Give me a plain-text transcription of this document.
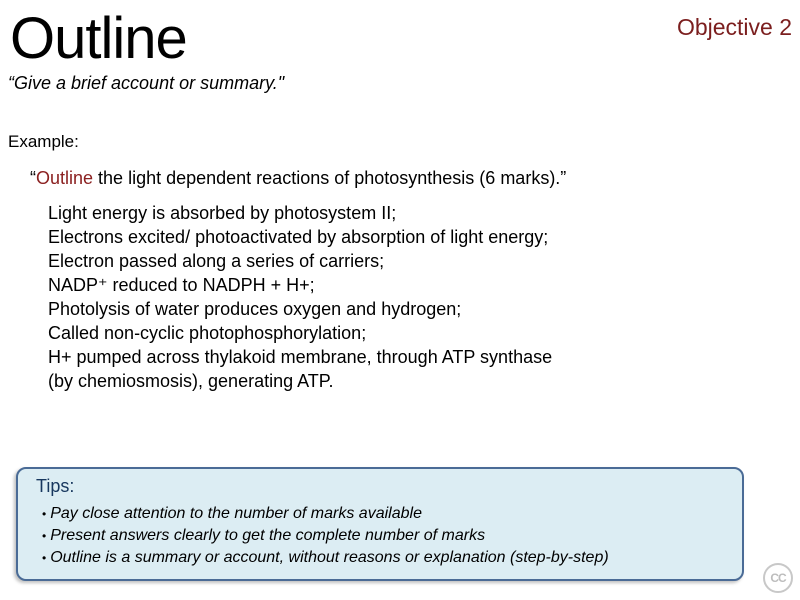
Outline	Objective 2
“Give a brief account or summary."
Example:
“Outline the light dependent reactions of photosynthesis (6 marks).”
Light energy is absorbed by photosystem II;
Electrons excited/ photoactivated by absorption of light energy;
Electron passed along a series of carriers;
NADP⁺ reduced to NADPH + H+;
Photolysis of water produces oxygen and hydrogen;
Called non-cyclic photophosphorylation;
H+ pumped across thylakoid membrane, through ATP synthase
(by chemiosmosis), generating ATP.
Tips:
• Pay close attention to the number of marks available
• Present answers clearly to get the complete number of marks
• Outline is a summary or account, without reasons or explanation (step-by-step)
CC
